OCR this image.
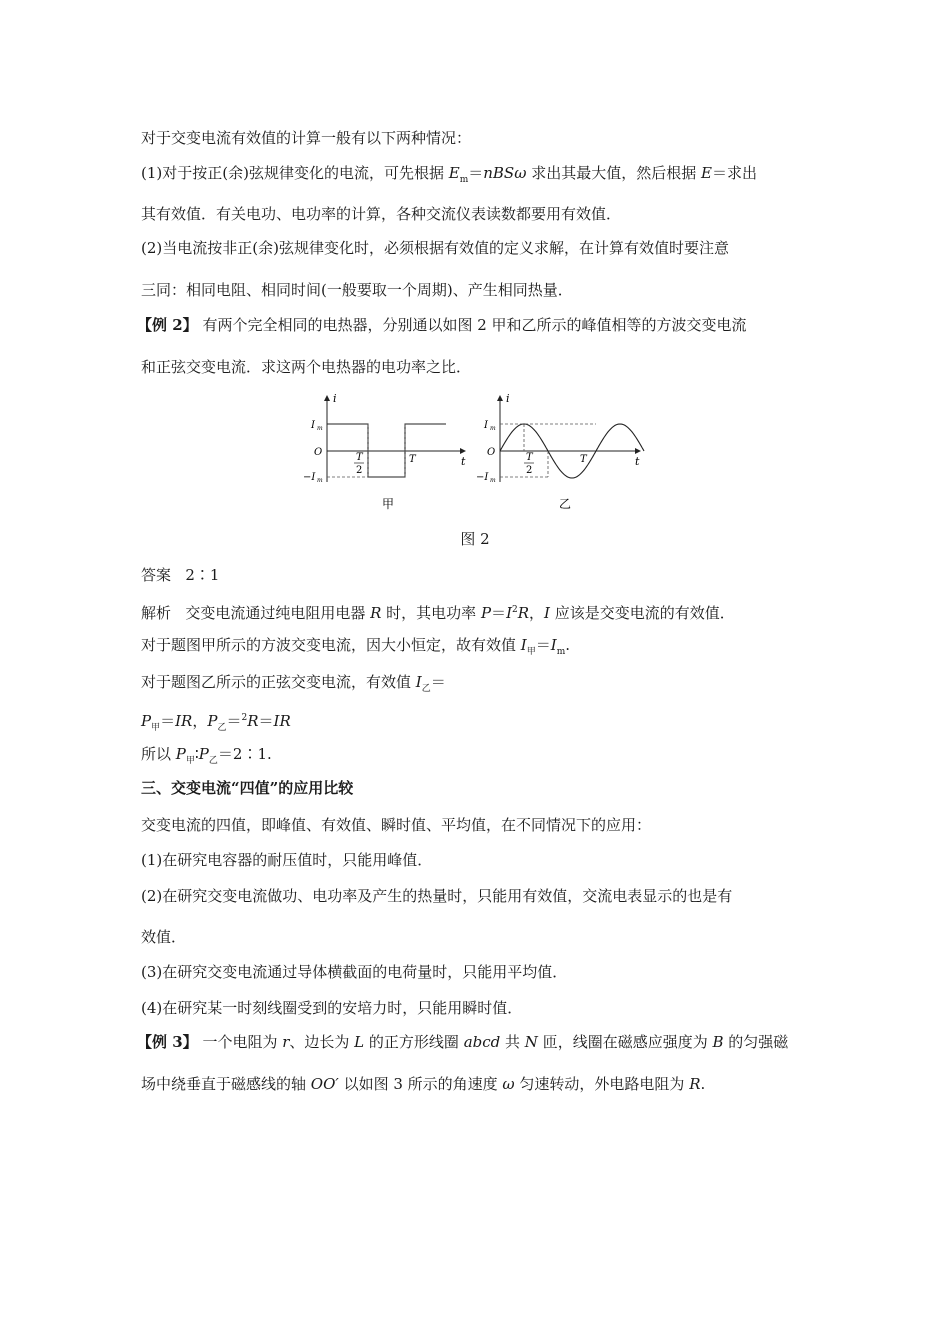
对于交变电流有效值的计算一般有以下两种情况：
(1)对于按正(余)弦规律变化的电流，可先根据 $E_m=nBS\omega$ 求出其最大值，然后根据 E＝求出
其有效值．有关电功、电功率的计算，各种交流仪表读数都要用有效值．
(2)当电流按非正(余)弦规律变化时，必须根据有效值的定义求解，在计算有效值时要注意
三同：相同电阻、相同时间(一般要取一个周期)、产生相同热量．
【例 2】 有两个完全相同的电热器，分别通以如图 2 甲和乙所示的峰值相等的方波交变电流
和正弦交变电流．求这两个电热器的电功率之比．
i
t
O
I m
−I m
T
2
T
甲
i
t
O
I m
−I m
T
2
T
乙
图 2
答案 2∶1
解析 交变电流通过纯电阻用电器 R 时，其电功率 $P=I^2R$，I 应该是交变电流的有效值．
对于题图甲所示的方波交变电流，因大小恒定，故有效值 $I_甲=I_m$.
对于题图乙所示的正弦交变电流，有效值 $I_乙=$
$P_甲=IR$，$P_乙=^2R=IR$
所以 $P_甲∶P_乙=2∶1$.
三、交变电流“四值”的应用比较
交变电流的四值，即峰值、有效值、瞬时值、平均值，在不同情况下的应用：
(1)在研究电容器的耐压值时，只能用峰值．
(2)在研究交变电流做功、电功率及产生的热量时，只能用有效值，交流电表显示的也是有
效值．
(3)在研究交变电流通过导体横截面的电荷量时，只能用平均值．
(4)在研究某一时刻线圈受到的安培力时，只能用瞬时值．
【例 3】 一个电阻为 r、边长为 L 的正方形线圈 abcd 共 N 匝，线圈在磁感应强度为 B 的匀强磁
场中绕垂直于磁感线的轴 OO′ 以如图 3 所示的角速度 ω 匀速转动，外电路电阻为 R.
